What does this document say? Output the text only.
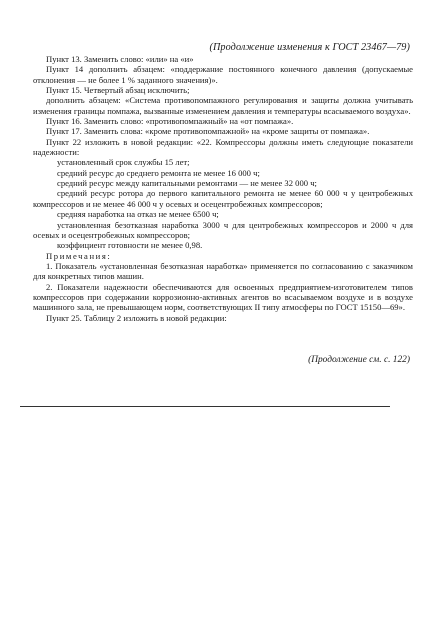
(Продолжение изменения к ГОСТ 23467—79)

Пункт 13. Заменить слово: «или» на «и»

Пункт 14 дополнить абзацем: «поддержание постоянного конечного давления (допускаемые отклонения — не более 1 % заданного значения)».

Пункт 15. Четвертый абзац исключить;

дополнить абзацем: «Система противопомпажного регулирования и защиты должна учитывать изменения границы помпажа, вызванные изменением давления и температуры всасываемого воздуха».

Пункт 16. Заменить слово: «противопомпажный» на «от помпажа».

Пункт 17. Заменить слова: «кроме противопомпажной» на «кроме защиты от помпажа».

Пункт 22 изложить в новой редакции: «22. Компрессоры должны иметь следующие показатели надежности:

установленный срок службы 15 лет;

средний ресурс до среднего ремонта не менее 16 000 ч;

средний ресурс между капитальными ремонтами — не менее 32 000 ч;

средний ресурс ротора до первого капитального ремонта не менее 60 000 ч у центробежных компрессоров и не менее 46 000 ч у осевых и осецентробежных компрессоров;

средняя наработка на отказ не менее 6500 ч;

установленная безотказная наработка 3000 ч для центробежных компрессоров и 2000 ч для осевых и осецентробежных компрессоров;

коэффициент готовности не менее 0,98.

Примечания:

1. Показатель «установленная безотказная наработка» применяется по согласованию с заказчиком для конкретных типов машин.

2. Показатели надежности обеспечиваются для освоенных предприятием-изготовителем типов компрессоров при содержании коррозионно-активных агентов во всасываемом воздухе и в воздухе машинного зала, не превышающем норм, соответствующих II типу атмосферы по ГОСТ 15150—69».

Пункт 25. Таблицу 2 изложить в новой редакции:

(Продолжение см. с. 122)
